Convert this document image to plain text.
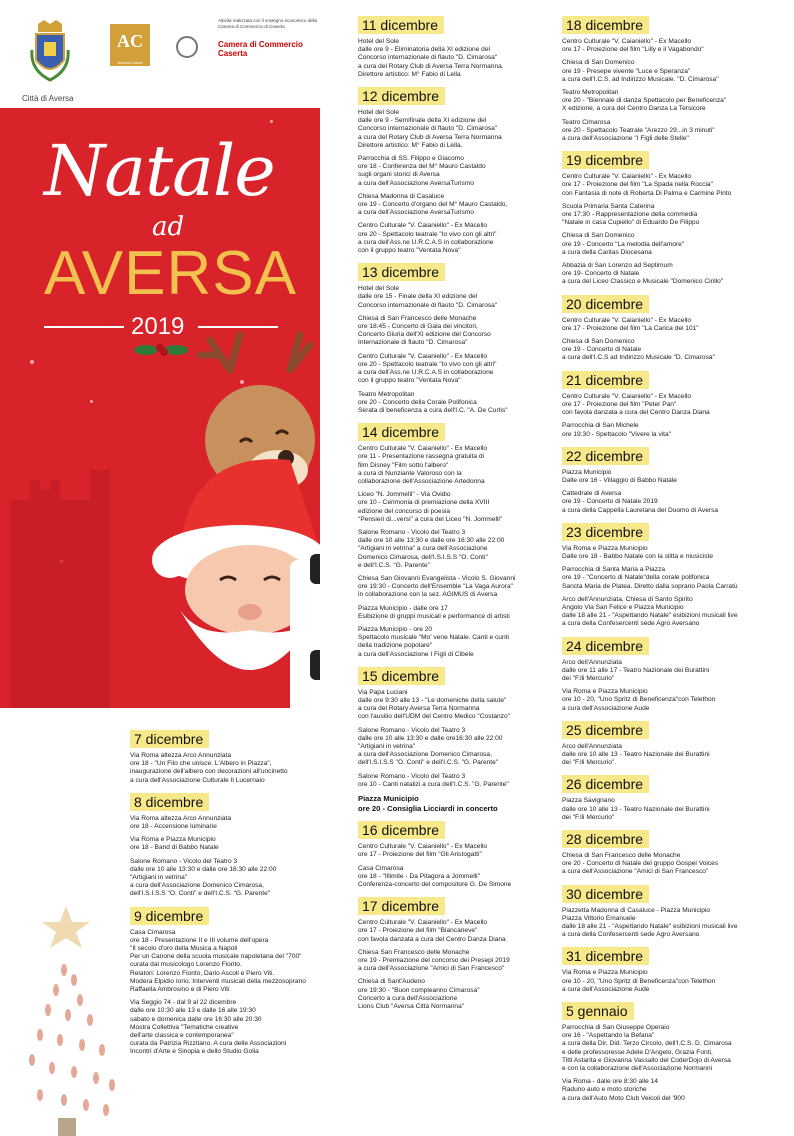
Città di Aversa
AC
AversaCultura
Attività realizzata con il sostegno economico della Camera di Commercio di Caserta
Camera di Commercio
Caserta
Natale
ad
AVERSA
2019
7 dicembre
Via Roma altezza Arco Annunziata
ore 18 - "Un Filo che unisce. L'Albero in Piazza",
inaugurazione dell'albero con decorazioni all'uncinetto
a cura dell'Associazione Culturale Il Lucernaio
8 dicembre
Via Roma altezza Arco Annunziata
ore 18 - Accensione luminarie
Via Roma e Piazza Municipio
ore 18 - Band di Babbo Natale
Salone Romano - Vicolo del Teatro 3
dalle ore 10 alle 13:30 e dalle ore 16:30 alle 22:00
"Artigiani in vetrina"
a cura dell'Associazione Domenico Cimarosa,
dell'I.S.I.S.S "O. Conti" e dell'I.C.S. "G. Parente"
9 dicembre
Casa Cimarosa
ore 18 - Presentazione II e III volume dell'opera
"Il secolo d'oro della Musica a Napoli
Per un Canone della scuola musicale napoletana del "700"
curata dal musicologo Lorenzo Fiorito.
Relatori: Lorenzo Fiorito, Dario Ascoli e Piero Viti.
Modera Elpidio Iorio. Interventi musicali della mezzosoprano
Raffaella Ambrosino e di Piero Viti
Via Seggio 74 - dal 9 al 22 dicembre
dalle ore 10:30 alle 13 e dalle 16 alle 19:30
sabato e domenica dalle ore 16:30 alle 20:30
Mostra Collettiva "Tematiche creative
dell'arte classica e contemporanea"
curata da Patrizia Rizzitano. A cura delle Associazioni
Incontri d'Arte e Sinopia e dello Studio Golia
11 dicembre
Hotel del Sole
dalle ore 9 - Eliminatoria della XI edizione del
Concorso internazionale di flauto "D. Cimarosa"
a cura del Rotary Club di Aversa Terra Normanna.
Direttore artistico: M° Fabio di Lella
12 dicembre
Hotel del Sole
dalle ore 9 - Semifinale della XI edizione del
Concorso internazionale di flauto "D. Cimarosa"
a cura del Rotary Club di Aversa Terra Normanna
Direttore artistico: M° Fabio di Lella.
Parrocchia di SS. Filippo e Giacomo
ore 18 - Conferenza del M° Mauro Castaldo
sugli organi storici di Aversa
a cura dell'Associazione AversaTurismo
Chiesa Madonna di Casaluce
ore 19 - Concerto d'organo del M° Mauro Castaldo,
a cura dell'Associazione AversaTurismo
Centro Culturale "V. Caianiello" - Ex Macello
ore 20 - Spettacolo teatrale "Io vivo con gli altri"
a cura dell'Ass.ne U.R.C.A.S in collaborazione
con il gruppo teatro "Ventata Nova"
13 dicembre
Hotel del Sole
dalle ore 15 - Finale della XI edizione del
Concorso internazionale di flauto "D. Cimarosa"
Chiesa di San Francesco delle Monache
ore 18:45 - Concerto di Gala dei vincitori,
Concerto Giuria dell'XI edizione del Concorso
Internazionale di flauto "D. Cimarosa"
Centro Culturale "V. Caianiello" - Ex Macello
ore 20 - Spettacolo teatrale "Io vivo con gli altri"
a cura dell'Ass.ne U.R.C.A.S in collaborazione
con il gruppo teatro "Ventata Nova"
Teatro Metropolitan
ore 20 - Concerto della Corale Polifonica
Serata di beneficenza a cura dell'I.C. "A. De Curtis"
14 dicembre
Centro Culturale "V. Caianiello" - Ex Macello
ore 11 - Presentazione rassegna gratuita di
film Disney "Film sotto l'albero"
a cura di Nunziante Valoroso con la
collaborazione dell'Associazione Artedonna
Liceo "N. Jommelli" - Via Ovidio
ore 10 - Cerimonia di premiazione della XVIII
edizione del concorso di poesia
"Pensieri di...versi" a cura del Liceo "N. Jommelli"
Salone Romano - Vicolo del Teatro 3
dalle ore 10 alle 13:30 e dalle ore 16:30 alle 22:00
"Artigiani in vetrina" a cura dell'Associazione
Domenico Cimarosa, dell'I.S.I.S.S "O. Conti"
e dell'I.C.S. "G. Parente"
Chiesa San Giovanni Evangelista - Vicolo S. Giovanni
ore 19:30 - Concerto dell'Ensemble "La Vaga Aurora"
in collaborazione con la sez. AGIMUS di Aversa
Piazza Municipio - dalle ore 17
Esibizione di gruppi musicali e performance di artisti
Piazza Municipio - ore 20
Spettacolo musicale "Mo' vene Natale. Canti e cunti
della tradizione popolare"
a cura dell'Associazione I Figli di Cibele
15 dicembre
Via Papa Luciani
dalle ore 9:30 alle 13 - "Le domeniche della salute"
a cura del Rotary Aversa Terra Normanna
con l'ausilio dell'UDM del Centro Medico "Costanzo"
Salone Romano - Vicolo del Teatro 3
dalle ore 10 alle 13:30 e dalle ore16:30 alle 22:00
"Artigiani in vetrina"
a cura dell'Associazione Domenico Cimarosa,
dell'I.S.I.S.S "O. Conti" e dell'I.C.S. "G. Parente"
Salone Romano - Vicolo del Teatro 3
ore 10 - Canti natalizi a cura dell'I.C.S. "G. Parente"
Piazza Municipio
ore 20 - Consiglia Licciardi in concerto
16 dicembre
Centro Culturale "V. Caianiello" - Ex Macello
ore 17 - Proiezione del film "Gli Aristogatti"
Casa Cimarosa
ore 18 - "Illimite - Da Pitagora a Jommelli"
Conferenza-concerto del compositore G. De Simone
17 dicembre
Centro Culturale "V. Caianiello" - Ex Macello
ore 17 - Proiezione del film "Biancaneve"
con favola danzata a cura del Centro Danza Diana
Chiesa San Francesco delle Monache
ore 19 - Premiazione del concorso dei Presepi 2019
a cura dell'Associazione "Amici di San Francesco"
Chiesa di Sant'Audeno
ore 19:30 - "Buon compleanno Cimarosa"
Concerto a cura dell'Associazione
Lions Club "Aversa Città Normanna"
18 dicembre
Centro Culturale "V. Caianiello" - Ex Macello
ore 17 - Proiezione del film "Lilly e il Vagabondo"
Chiesa di San Domenico
ore 19 - Presepe vivente "Luce e Speranza"
a cura dell'I.C.S. ad Indirizzo Musicale. "D. Cimarosa"
Teatro Metropolitan
ore 20 - "Biennale di danza Spettacolo per Beneficenza"
X edizione, a cura del Centro Danza La Tersicore
Teatro Cimarosa
ore 20 - Spettacolo Teatrale "Arezzo 29...in 3 minuti"
a cura dell'Associazione "I Figli delle Stelle"
19 dicembre
Centro Culturale "V. Caianiello" - Ex Macello
ore 17 - Proiezione del film "La Spada nella Roccia"
con Fantasia di note di Roberta Di Palma e Carmine Pinto
Scuola Primaria Santa Caterina
ore 17:30 - Rappresentazione della commedia
"Natale in casa Cupiello" di Eduardo De Filippo
Chiesa di San Domenico
ore 19 - Concerto "La melodia dell'amore"
a cura della Caritas Diocesana
Abbazia di San Lorenzo ad Septimum
ore 19- Concerto di Natale
a cura del Liceo Classico e Musicale "Domenico Cirillo"
20 dicembre
Centro Culturale "V. Caianiello" - Ex Macello
ore 17 - Proiezione del film "La Carica dei 101"
Chiesa di San Domenico
ore 19 - Concerto di Natale
a cura dell'I.C.S ad Indirizzo Musicale "D. Cimarosa"
21 dicembre
Centro Culturale "V. Caianiello" - Ex Macello
ore 17 - Proiezione del film "Peter Pan"
con favola danzata a cura del Centro Danza Diana
Parrocchia di San Michele
ore 19:30 - Spettacolo "Vivere la vita"
22 dicembre
Piazza Municipio
Dalle ore 16 - Villaggio di Babbo Natale
Cattedrale di Aversa
ore 19 - Concerto di Natale 2019
a cura della Cappella Lauretana del Duomo di Aversa
23 dicembre
Via Roma e Piazza Municipio
Dalle ore 18 - Babbo Natale con la slitta e musiciste
Parrocchia di Santa Maria a Piazza
ore 19 - "Concerto di Natale"della corale polifonica
Sancta Maria de Platea. Diretto dalla soprano Paola Carratù
Arco dell'Annunziata, Chiesa di Santo Spirito
Angolo Via San Felice e Piazza Municipio
dalle 18 alle 21 - "Aspettando Natale" esibizioni musicali live
a cura della Confesercenti sede Agro Aversano
24 dicembre
Arco dell'Annunziata
dalle ore 11 alle 17 - Teatro Nazionale dei Burattini
dei "F.lli Mercurio"
Via Roma e Piazza Municipio
ore 10 - 20, "Uno Spritz di Beneficenza"con Telethon
a cura dell'Associazione Aude
25 dicembre
Arco dell'Annunziata
dalle ore 10 alle 13 - Teatro Nazionale dei Burattini
dei "F.lli Mercurio".
26 dicembre
Piazza Savignano
dalle ore 10 alle 13 - Teatro Nazionale dei Burattini
dei "F.lli Mercurio"
28 dicembre
Chiesa di San Francesco delle Monache
ore 20 - Concerto di Natale del gruppo Gospel Voices
a cura dell'Associazione "Amici di San Francesco"
30 dicembre
Piazzetta Madonna di Casaluce - Piazza Municipio
Piazza Vittorio Emanuele
dalle 18 alle 21 - "Aspettando Natale" esibizioni musicali live
a cura della Confesercenti sede Agro Aversano
31 dicembre
Via Roma e Piazza Municipio
ore 10 - 20, "Uno Spritz di Beneficenza"con Telethon
a cura dell'Associazione Aude
5 gennaio
Parrocchia di San Giuseppe Operaio
ore 16 - "Aspettando la Befana"
a cura della Dir. Did. Terzo Circolo, dell'I.C.S. D. Cimarosa
e delle professoresse Adele D'Angelo, Grazia Fonti,
Titti Astarita e Giovanna Vassallo del CoderDojo di Aversa
e con la collaborazione dell'Associazione Normanni
Via Roma - dalle ore 8:30 alle 14
Raduno auto e moto storiche
a cura dell'Auto Moto Club Veicoli del '900
